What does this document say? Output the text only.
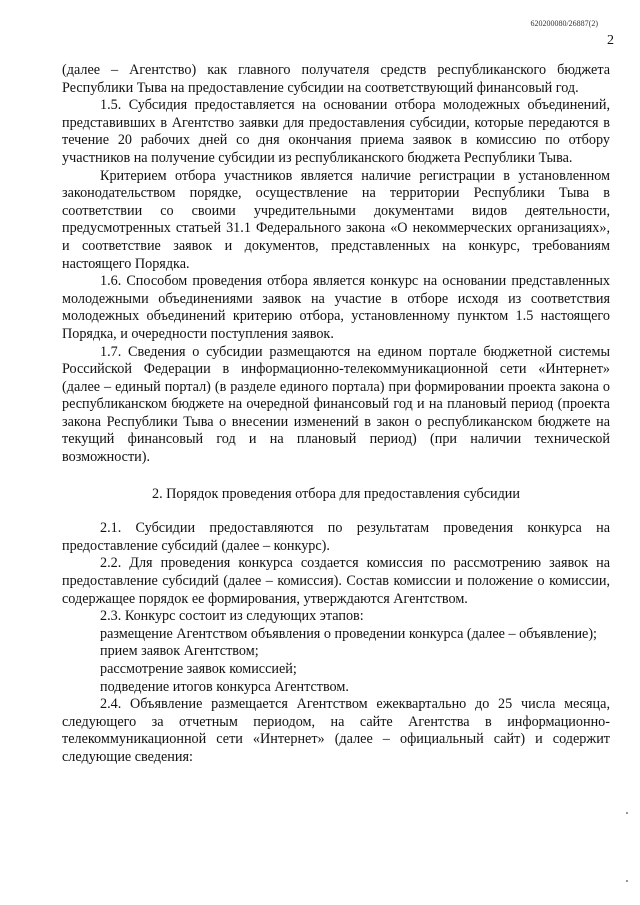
620200080/26887(2)
2

(далее – Агентство) как главного получателя средств республиканского бюджета Республики Тыва на предоставление субсидии на соответствующий финансовый год.

1.5. Субсидия предоставляется на основании отбора молодежных объединений, представивших в Агентство заявки для предоставления субсидии, которые передаются в течение 20 рабочих дней со дня окончания приема заявок в комиссию по отбору участников на получение субсидии из республиканского бюджета Республики Тыва.

Критерием отбора участников является наличие регистрации в установленном законодательством порядке, осуществление на территории Республики Тыва в соответствии со своими учредительными документами видов деятельности, предусмотренных статьей 31.1 Федерального закона «О некоммерческих организациях», и соответствие заявок и документов, представленных на конкурс, требованиям настоящего Порядка.

1.6. Способом проведения отбора является конкурс на основании представленных молодежными объединениями заявок на участие в отборе исходя из соответствия молодежных объединений критерию отбора, установленному пунктом 1.5 настоящего Порядка, и очередности поступления заявок.

1.7. Сведения о субсидии размещаются на едином портале бюджетной системы Российской Федерации в информационно-телекоммуникационной сети «Интернет» (далее – единый портал) (в разделе единого портала) при формировании проекта закона о республиканском бюджете на очередной финансовый год и на плановый период (проекта закона Республики Тыва о внесении изменений в закон о республиканском бюджете на текущий финансовый год и на плановый период) (при наличии технической возможности).

2. Порядок проведения отбора для предоставления субсидии

2.1. Субсидии предоставляются по результатам проведения конкурса на предоставление субсидий (далее – конкурс).

2.2. Для проведения конкурса создается комиссия по рассмотрению заявок на предоставление субсидий (далее – комиссия). Состав комиссии и положение о комиссии, содержащее порядок ее формирования, утверждаются Агентством.

2.3. Конкурс состоит из следующих этапов:

размещение Агентством объявления о проведении конкурса (далее – объявление);

прием заявок Агентством;

рассмотрение заявок комиссией;

подведение итогов конкурса Агентством.

2.4. Объявление размещается Агентством ежеквартально до 25 числа месяца, следующего за отчетным периодом, на сайте Агентства в информационно-телекоммуникационной сети «Интернет» (далее – официальный сайт) и содержит следующие сведения:
